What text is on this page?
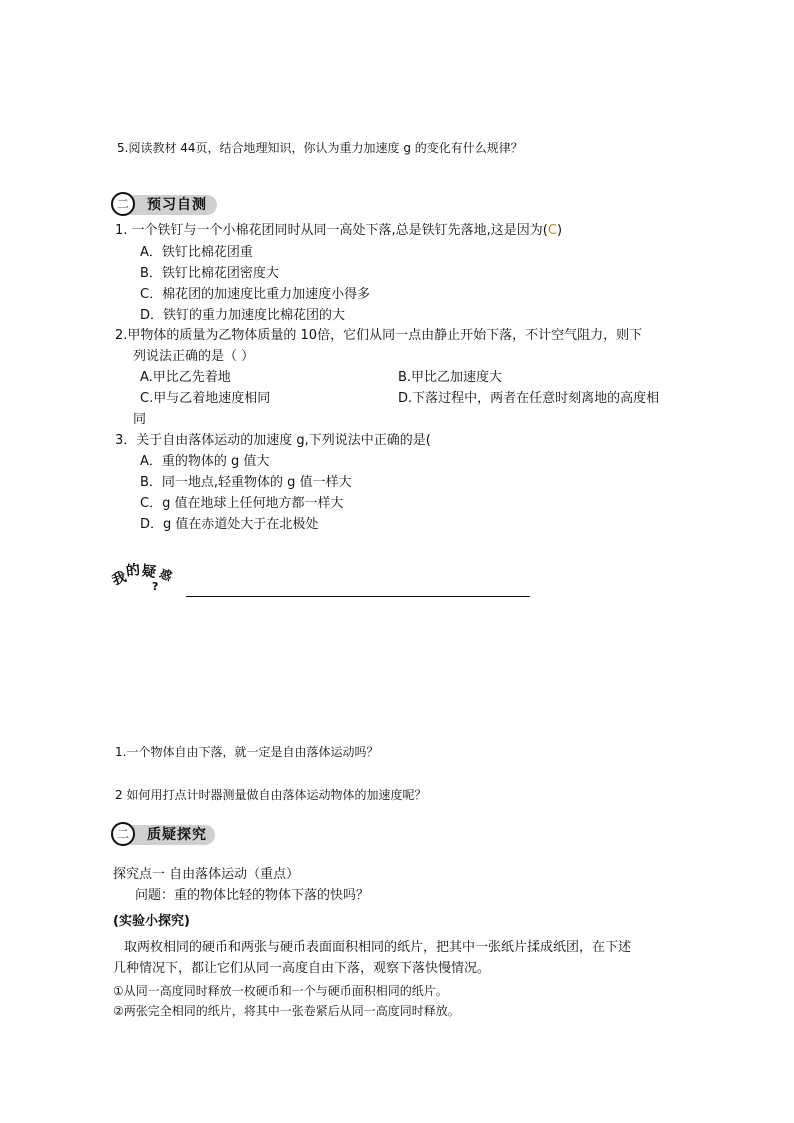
5.阅读教材 44页，结合地理知识，你认为重力加速度 g 的变化有什么规律？
二	预习自测
1. 一个铁钉与一个小棉花团同时从同一高处下落,总是铁钉先落地,这是因为(C)
A．铁钉比棉花团重
B．铁钉比棉花团密度大
C．棉花团的加速度比重力加速度小得多
D．铁钉的重力加速度比棉花团的大
2.甲物体的质量为乙物体质量的 10倍，它们从同一点由静止开始下落，不计空气阻力，则下
列说法正确的是（ ）
A.甲比乙先着地	B.甲比乙加速度大
C.甲与乙着地速度相同	D.下落过程中，两者在任意时刻离地的高度相
同
3．关于自由落体运动的加速度 g,下列说法中正确的是(
A．重的物体的 g 值大
B．同一地点,轻重物体的 g 值一样大
C．g 值在地球上任何地方都一样大
D．g 值在赤道处大于在北极处
我
的 疑 惑
?
1.一个物体自由下落，就一定是自由落体运动吗？
2 如何用打点计时器测量做自由落体运动物体的加速度呢？
二	质疑探究
探究点一 自由落体运动（重点）
问题：重的物体比轻的物体下落的快吗？
(实验小探究)
取两枚相同的硬币和两张与硬币表面面积相同的纸片，把其中一张纸片揉成纸团，在下述
几种情况下，都让它们从同一高度自由下落，观察下落快慢情况。
①从同一高度同时释放一枚硬币和一个与硬币面积相同的纸片。
②两张完全相同的纸片，将其中一张卷紧后从同一高度同时释放。
